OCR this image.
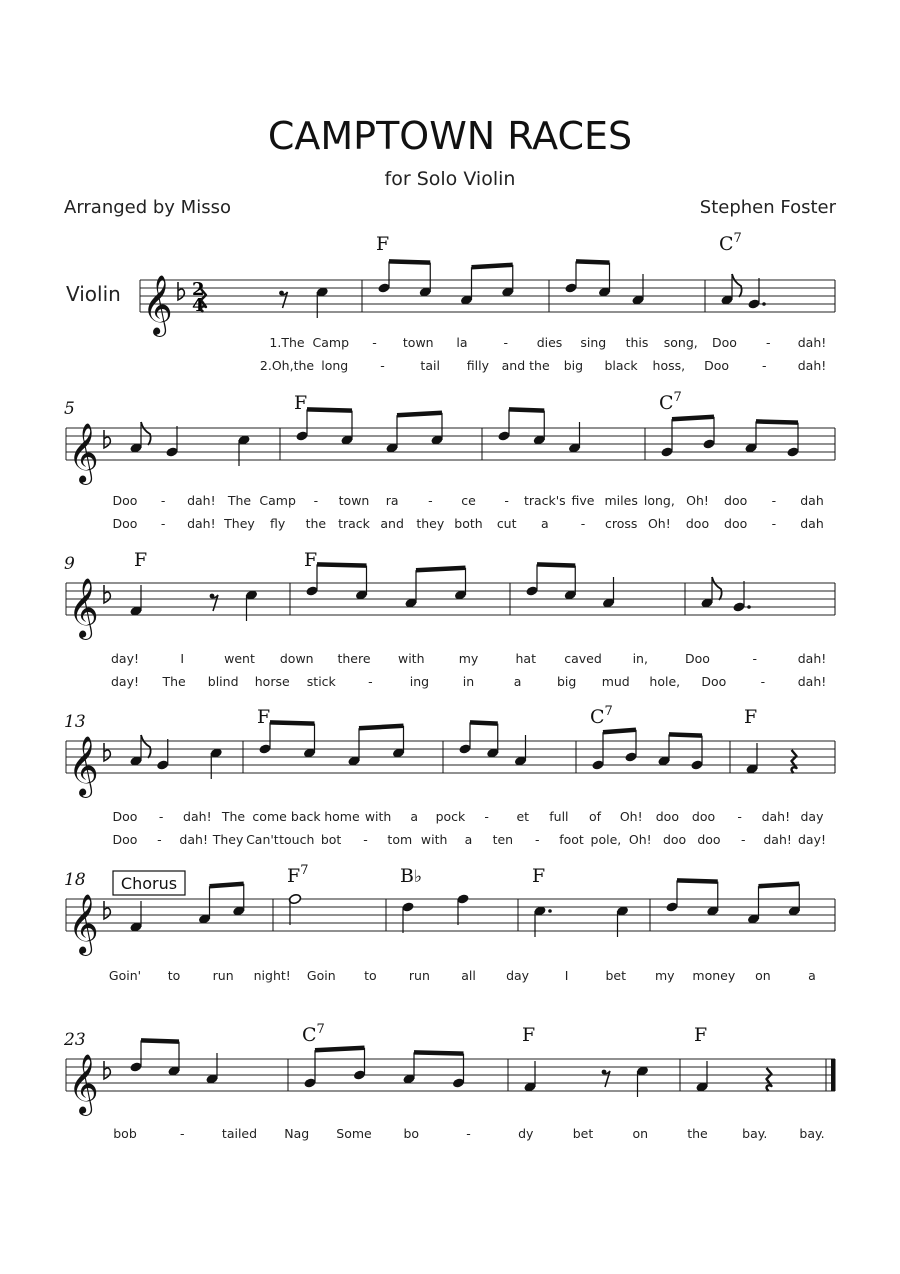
CAMPTOWN RACES
for Solo Violin
Arranged by Misso	Stephen Foster
Violin 𝄞 2
4
1.The Camp - town la	- dies sing this song, Doo - dah!
2.Oh,the long	-	tail filly and the big black hoss, Doo	- dah!
F	$C^7$
𝄞
5
Doo - dah! The Camp - town ra - ce - track's five miles long, Oh! doo - dah
Doo - dah! They fly the track and they both cut a	- cross Oh! doo doo - dah
F	$C^7$
𝄞
9
day!	I	went down there with	my	hat caved in,	Doo	-	dah!
day! The blind horse stick	-	ing	in	a	big mud hole, Doo	-	dah!
F	F
𝄞
13
Doo - dah! The come back home with a pock - et full of Oh! doo doo - dah! day
Doo - dah! They Can't touch bot - tom with a ten - foot pole, Oh! doo doo - dah! day!
F	$C^7$	F
𝄞
18 Chorus
Goin' to	run night! Goin to	run	all day	I	bet my money on	a
$F^7$	B♭	F
𝄞
23
bob	-	tailed Nag Some	bo	-	dy	bet	on	the	bay.	bay.
$C^7$	F	F
